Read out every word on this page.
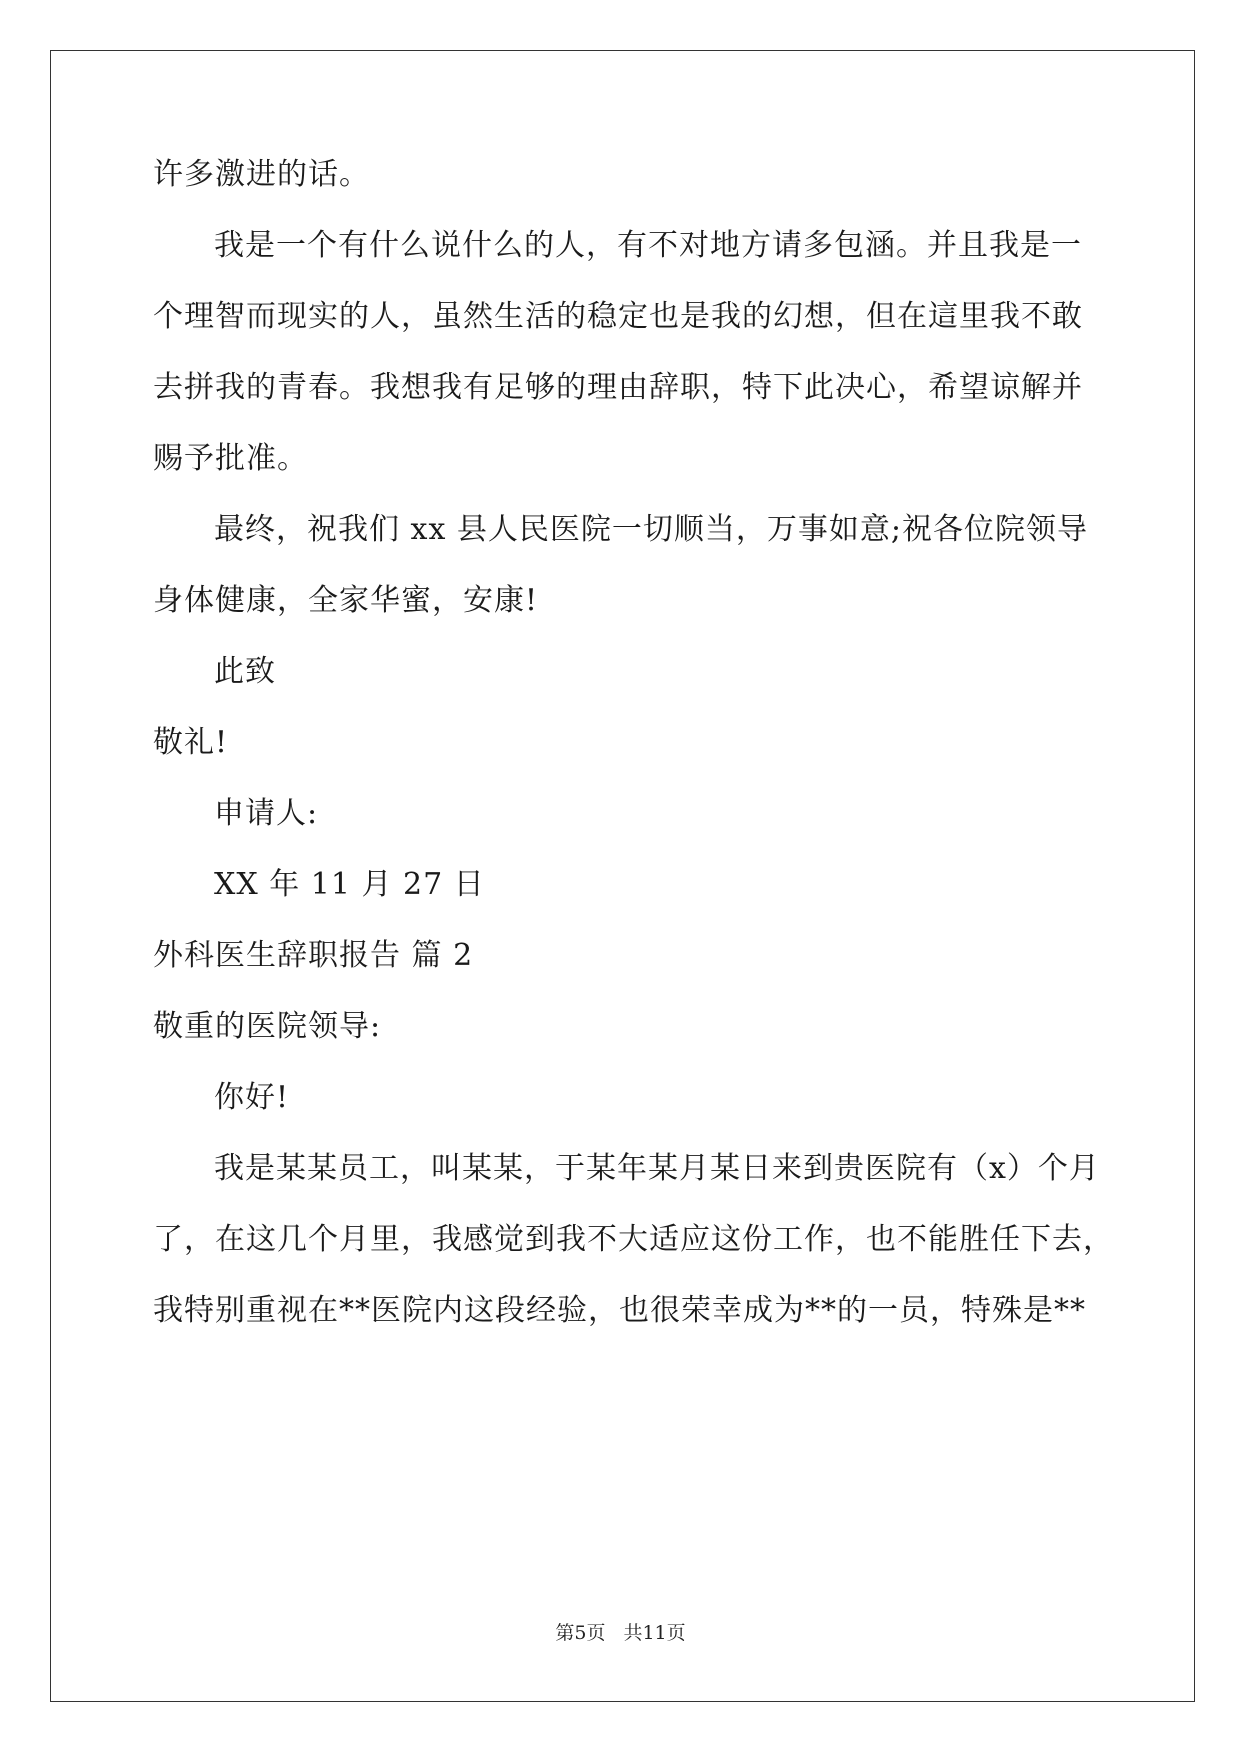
许多激进的话。
我是一个有什么说什么的人，有不对地方请多包涵。并且我是一
个理智而现实的人，虽然生活的稳定也是我的幻想，但在這里我不敢
去拼我的青春。我想我有足够的理由辞职，特下此决心，希望谅解并
赐予批准。
最终，祝我们 xx 县人民医院一切顺当，万事如意;祝各位院领导
身体健康，全家华蜜，安康!
此致
敬礼!
申请人:
XX 年 11 月 27 日
外科医生辞职报告 篇 2
敬重的医院领导:
你好!
我是某某员工，叫某某，于某年某月某日来到贵医院有（x）个月
了，在这几个月里，我感觉到我不大适应这份工作，也不能胜任下去，
我特别重视在**医院内这段经验，也很荣幸成为**的一员，特殊是**
第5页 共11页
